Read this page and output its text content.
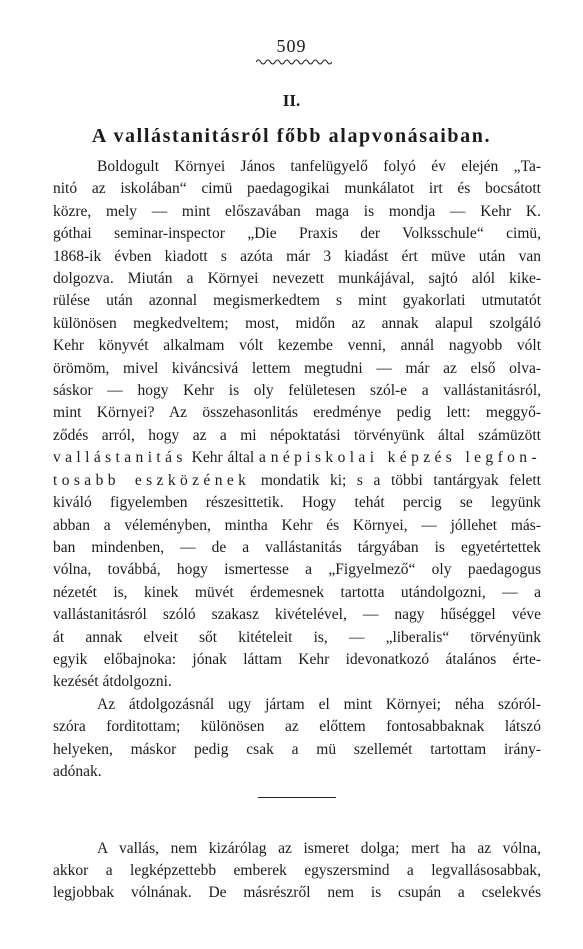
509
II.
A vallástanitásról főbb alapvonásaiban.

Boldogult Környei János tanfelügyelő folyó év elején „Ta-
nitó az iskolában“ cimü paedagogikai munkálatot irt és bocsátott
közre, mely — mint előszavában maga is mondja — Kehr K.
góthai seminar-inspector „Die Praxis der Volksschule“ cimü,
1868-ik évben kiadott s azóta már 3 kiadást ért müve után van
dolgozva. Miután a Környei nevezett munkájával, sajtó alól kike-
rülése után azonnal megismerkedtem s mint gyakorlati utmutatót
különösen megkedveltem; most, midőn az annak alapul szolgáló
Kehr könyvét alkalmam vólt kezembe venni, annál nagyobb vólt
örömöm, mivel kiváncsivá lettem megtudni — már az első olva-
sáskor — hogy Kehr is oly felületesen szól-e a vallástanitásról,
mint Környei? Az összehasonlitás eredménye pedig lett: meggyő-
ződés arról, hogy az a mi népoktatási törvényünk által számüzött
vallástanitás Kehr által a népiskolai képzés legfon-
tosabb eszközének mondatik ki; s a többi tantárgyak felett
kiváló figyelemben részesittetik. Hogy tehát percig se legyünk
abban a véleményben, mintha Kehr és Környei, — jóllehet más-
ban mindenben, — de a vallástanitás tárgyában is egyetértettek
vólna, továbbá, hogy ismertesse a „Figyelmező“ oly paedagogus
nézetét is, kinek müvét érdemesnek tartotta utándolgozni, — a
vallástanitásról szóló szakasz kivételével, — nagy hűséggel véve
át annak elveit sőt kitételeit is, — „liberalis“ törvényünk
egyik előbajnoka: jónak láttam Kehr idevonatkozó átalános érte-
kezését átdolgozni.

Az átdolgozásnál ugy jártam el mint Környei; néha szóról-
szóra forditottam; különösen az előttem fontosabbaknak látszó
helyeken, máskor pedig csak a mü szellemét tartottam irány-
adónak.

A vallás, nem kizárólag az ismeret dolga; mert ha az vólna,
akkor a legképzettebb emberek egyszersmind a legvallásosabbak,
legjobbak vólnának. De másrészről nem is csupán a cselekvés
